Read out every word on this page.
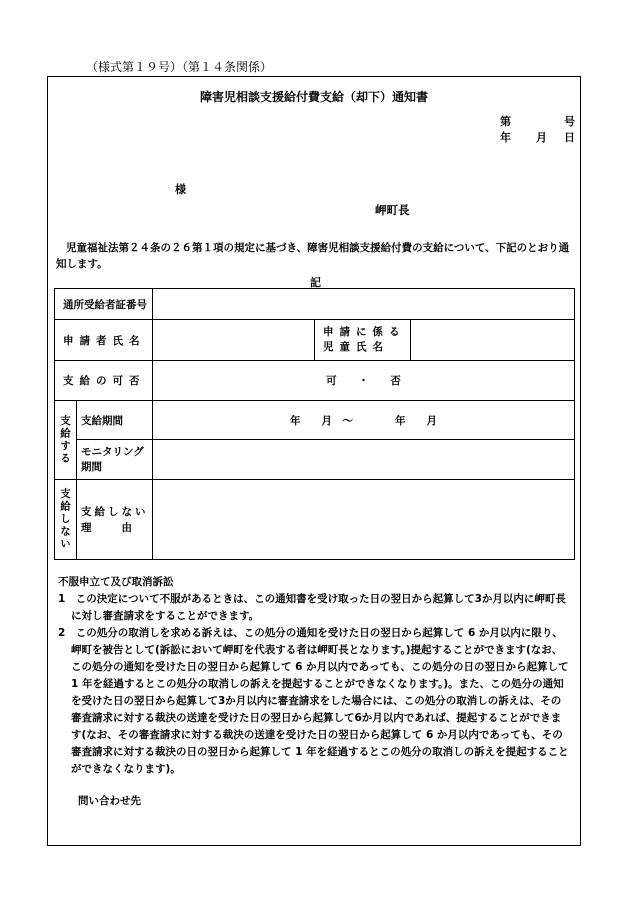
（様式第１９号）（第１４条関係）
障害児相談支援給付費支給（却下）通知書
第	号
年 月 日
様
岬町長
児童福祉法第２４条の２６第１項の規定に基づき、障害児相談支援給付費の支給について、下記のとおり通知します。
記
通所受給者証番号				

申請者氏名			申請に係る
児童氏名	

支給の可否		可 ・ 否		
支給する	支給期間	年　　月　〜　　　　年　　月		

	モニタリング
期間			

支給しない	支給しない
理　　由			

不服申立て及び取消訴訟

1　この決定について不服があるときは、この通知書を受け取った日の翌日から起算して3か月以内に岬町長に対し審査請求をすることができます。

2　この処分の取消しを求める訴えは、この処分の通知を受けた日の翌日から起算して 6 か月以内に限り、岬町を被告として(訴訟において岬町を代表する者は岬町長となります。)提起することができます(なお、この処分の通知を受けた日の翌日から起算して 6 か月以内であっても、この処分の日の翌日から起算して 1 年を経過するとこの処分の取消しの訴えを提起することができなくなります。)。また、この処分の通知を受けた日の翌日から起算して3か月以内に審査請求をした場合には、この処分の取消しの訴えは、その審査請求に対する裁決の送達を受けた日の翌日から起算して6か月以内であれば、提起することができます(なお、その審査請求に対する裁決の送達を受けた日の翌日から起算して 6 か月以内であっても、その審査請求に対する裁決の日の翌日から起算して 1 年を経過するとこの処分の取消しの訴えを提起することができなくなります)。

問い合わせ先
